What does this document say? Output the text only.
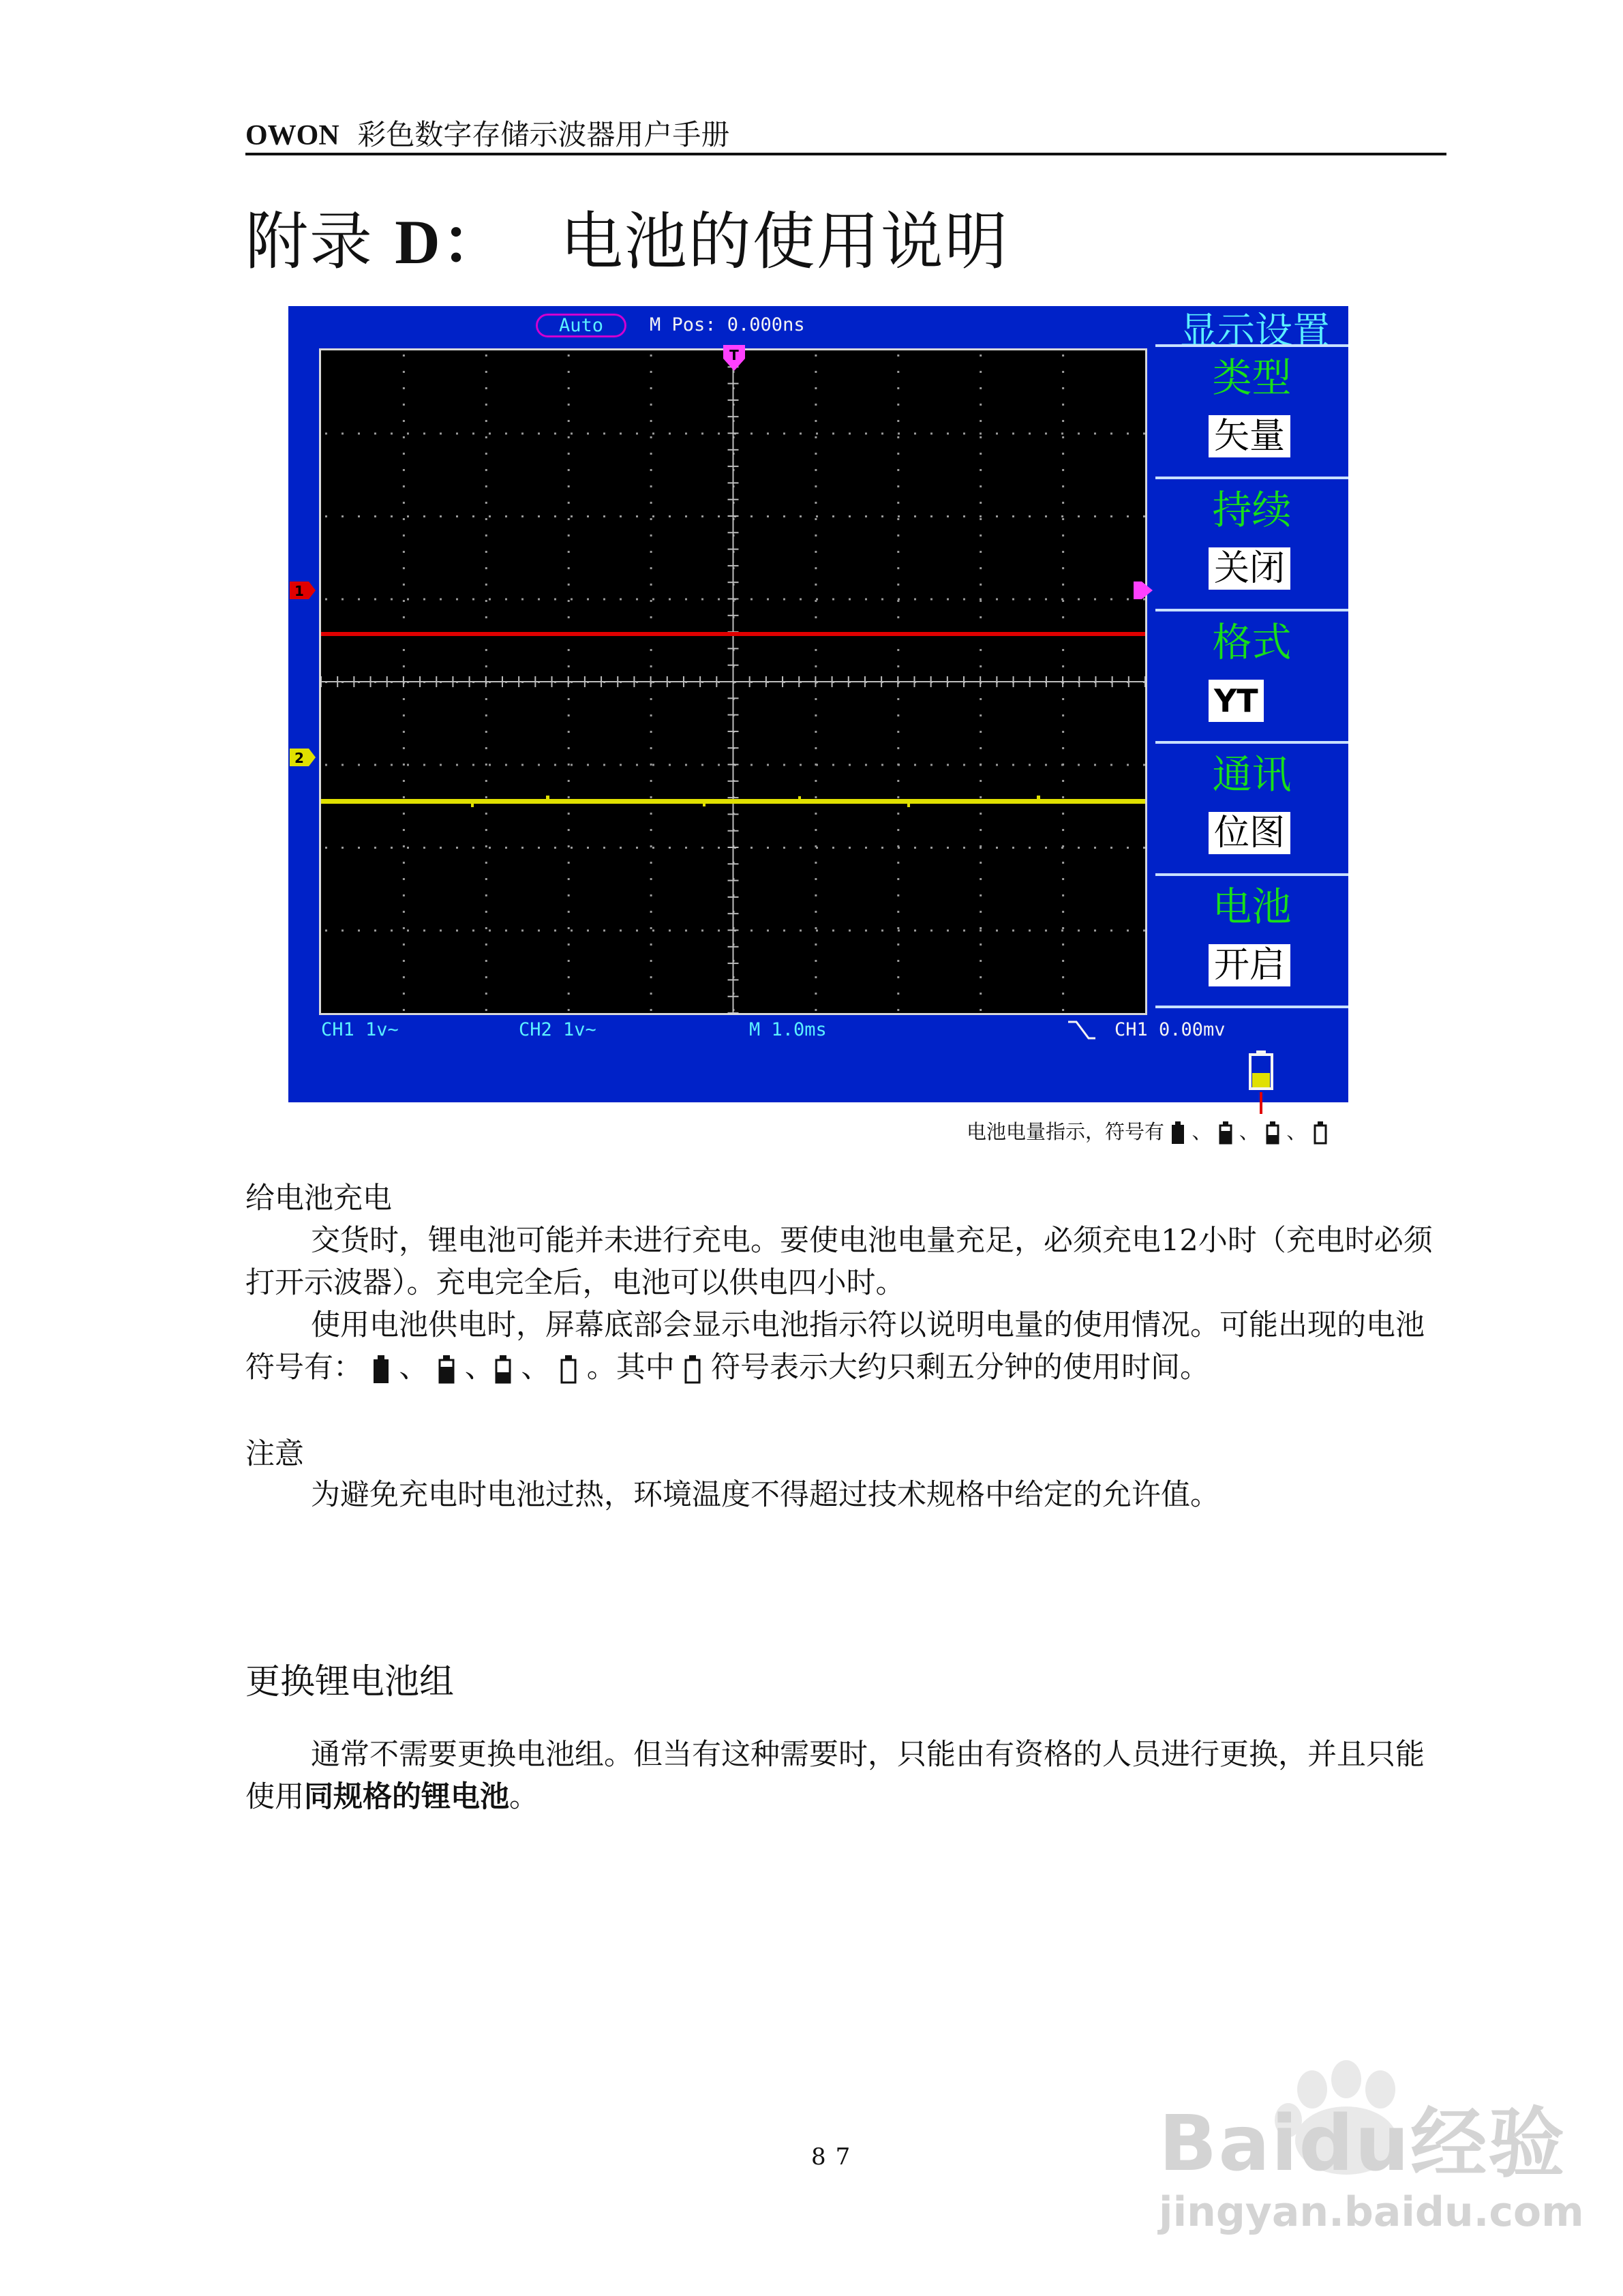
OWON 彩色数字存储示波器用户手册
附录 D： 电池的使用说明
Auto	M Pos: 0.000ns	显示设置
T
1
2
类型
矢量
持续
关闭
格式
YT
通讯
位图
电池
开启
CH1 1v~	CH2 1v~	M 1.0ms	CH1 0.00mv
电池电量指示，符号有 、 、 、
给电池充电
交货时，锂电池可能并未进行充电。要使电池电量充足，必须充电12小时（充电时必须打开示波器）。充电完全后，电池可以供电四小时。
使用电池供电时，屏幕底部会显示电池指示符以说明电量的使用情况。可能出现的电池符号有： 、 、 、 。其中 符号表示大约只剩五分钟的使用时间。
注意
为避免充电时电池过热，环境温度不得超过技术规格中给定的允许值。
更换锂电池组
通常不需要更换电池组。但当有这种需要时，只能由有资格的人员进行更换，并且只能使用同规格的锂电池。
87	Baidu经验
jingyan.baidu.com
